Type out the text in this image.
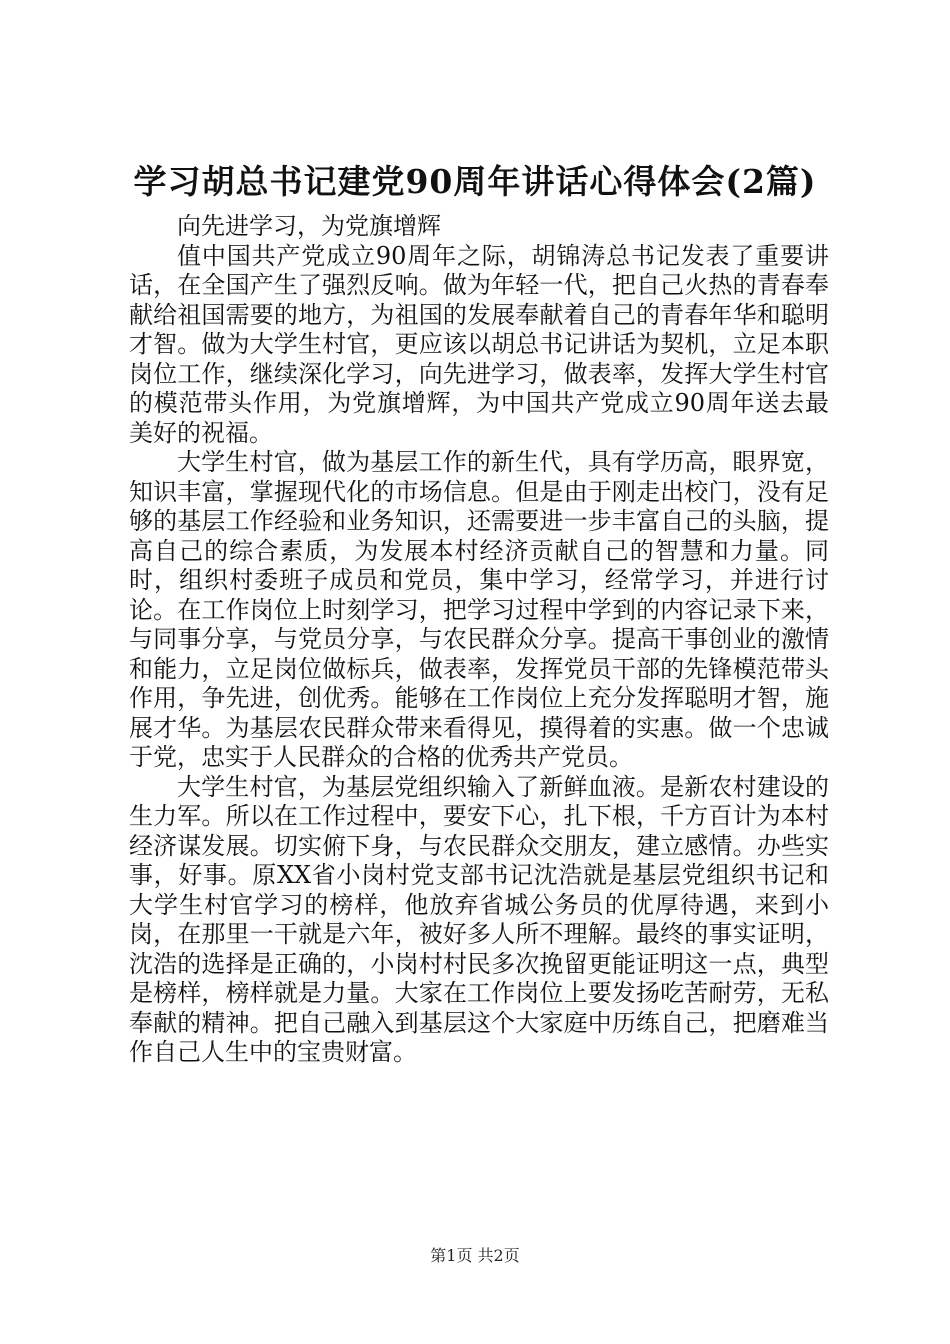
学习胡总书记建党90周年讲话心得体会(2篇)

向先进学习，为党旗增辉

值中国共产党成立90周年之际，胡锦涛总书记发表了重要讲话，在全国产生了强烈反响。做为年轻一代，把自己火热的青春奉献给祖国需要的地方，为祖国的发展奉献着自己的青春年华和聪明才智。做为大学生村官，更应该以胡总书记讲话为契机，立足本职岗位工作，继续深化学习，向先进学习，做表率，发挥大学生村官的模范带头作用，为党旗增辉，为中国共产党成立90周年送去最美好的祝福。

大学生村官，做为基层工作的新生代，具有学历高，眼界宽，知识丰富，掌握现代化的市场信息。但是由于刚走出校门，没有足够的基层工作经验和业务知识，还需要进一步丰富自己的头脑，提高自己的综合素质，为发展本村经济贡献自己的智慧和力量。同时，组织村委班子成员和党员，集中学习，经常学习，并进行讨论。在工作岗位上时刻学习，把学习过程中学到的内容记录下来，与同事分享，与党员分享，与农民群众分享。提高干事创业的激情和能力，立足岗位做标兵，做表率，发挥党员干部的先锋模范带头作用，争先进，创优秀。能够在工作岗位上充分发挥聪明才智，施展才华。为基层农民群众带来看得见，摸得着的实惠。做一个忠诚于党，忠实于人民群众的合格的优秀共产党员。

大学生村官，为基层党组织输入了新鲜血液。是新农村建设的生力军。所以在工作过程中，要安下心，扎下根，千方百计为本村经济谋发展。切实俯下身，与农民群众交朋友，建立感情。办些实事，好事。原XX省小岗村党支部书记沈浩就是基层党组织书记和大学生村官学习的榜样，他放弃省城公务员的优厚待遇，来到小岗，在那里一干就是六年，被好多人所不理解。最终的事实证明，沈浩的选择是正确的，小岗村村民多次挽留更能证明这一点，典型是榜样，榜样就是力量。大家在工作岗位上要发扬吃苦耐劳，无私奉献的精神。把自己融入到基层这个大家庭中历练自己，把磨难当作自己人生中的宝贵财富。

第1页 共2页
